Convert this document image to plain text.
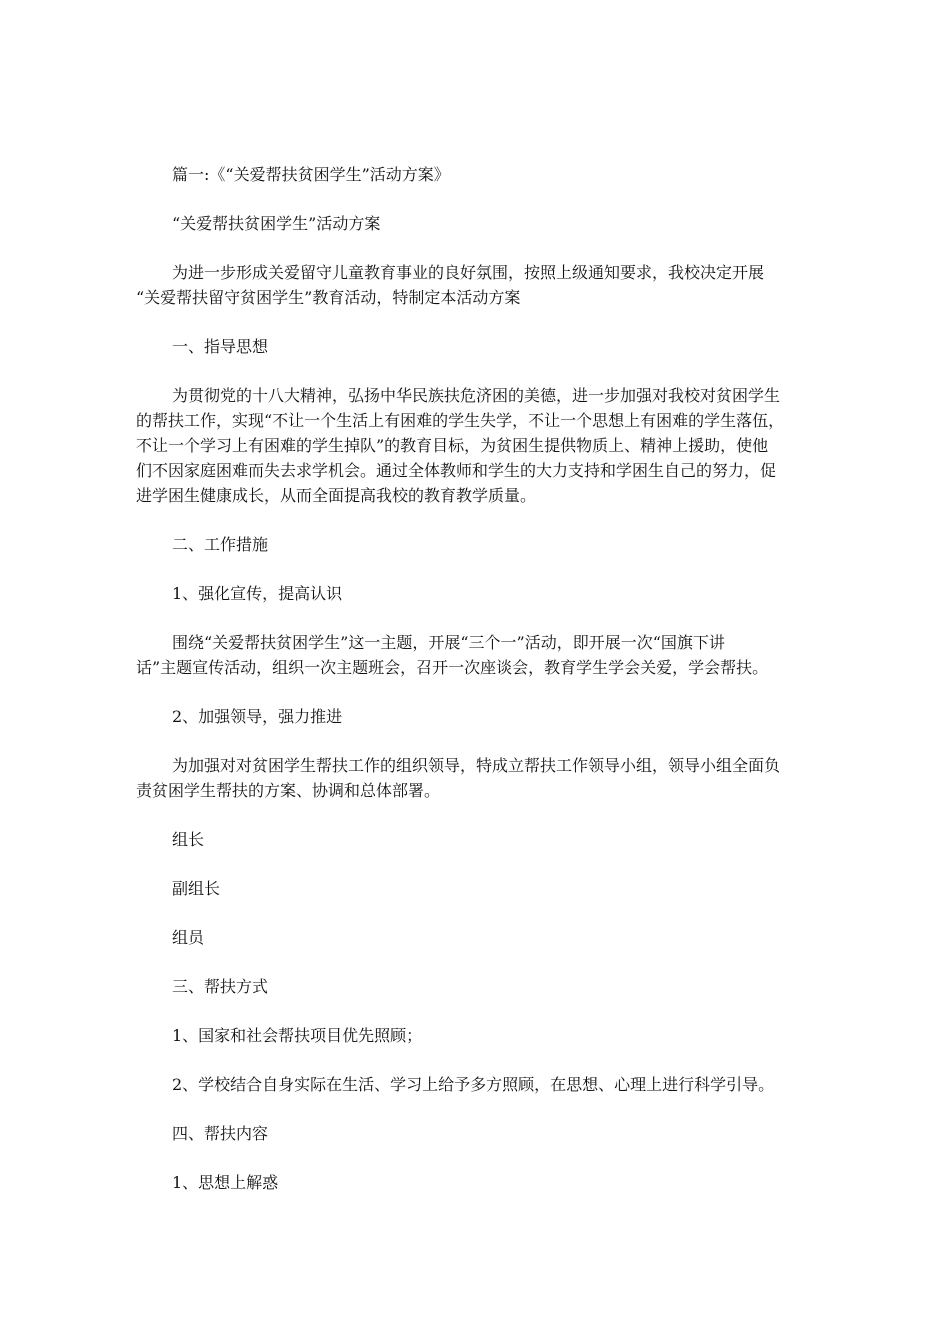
篇一:《“关爱帮扶贫困学生”活动方案》

“关爱帮扶贫困学生”活动方案

为进一步形成关爱留守儿童教育事业的良好氛围，按照上级通知要求，我校决定开展
“关爱帮扶留守贫困学生”教育活动，特制定本活动方案

一、指导思想

为贯彻党的十八大精神，弘扬中华民族扶危济困的美德，进一步加强对我校对贫困学生
的帮扶工作，实现“不让一个生活上有困难的学生失学，不让一个思想上有困难的学生落伍，
不让一个学习上有困难的学生掉队”的教育目标，为贫困生提供物质上、精神上援助，使他
们不因家庭困难而失去求学机会。通过全体教师和学生的大力支持和学困生自己的努力，促
进学困生健康成长，从而全面提高我校的教育教学质量。

二、工作措施

1、强化宣传，提高认识

围绕“关爱帮扶贫困学生”这一主题，开展“三个一”活动，即开展一次“国旗下讲
话”主题宣传活动，组织一次主题班会，召开一次座谈会，教育学生学会关爱，学会帮扶。

2、加强领导，强力推进

为加强对对贫困学生帮扶工作的组织领导，特成立帮扶工作领导小组，领导小组全面负
责贫困学生帮扶的方案、协调和总体部署。

组长

副组长

组员

三、帮扶方式

1、国家和社会帮扶项目优先照顾；

2、学校结合自身实际在生活、学习上给予多方照顾，在思想、心理上进行科学引导。

四、帮扶内容

1、思想上解惑
